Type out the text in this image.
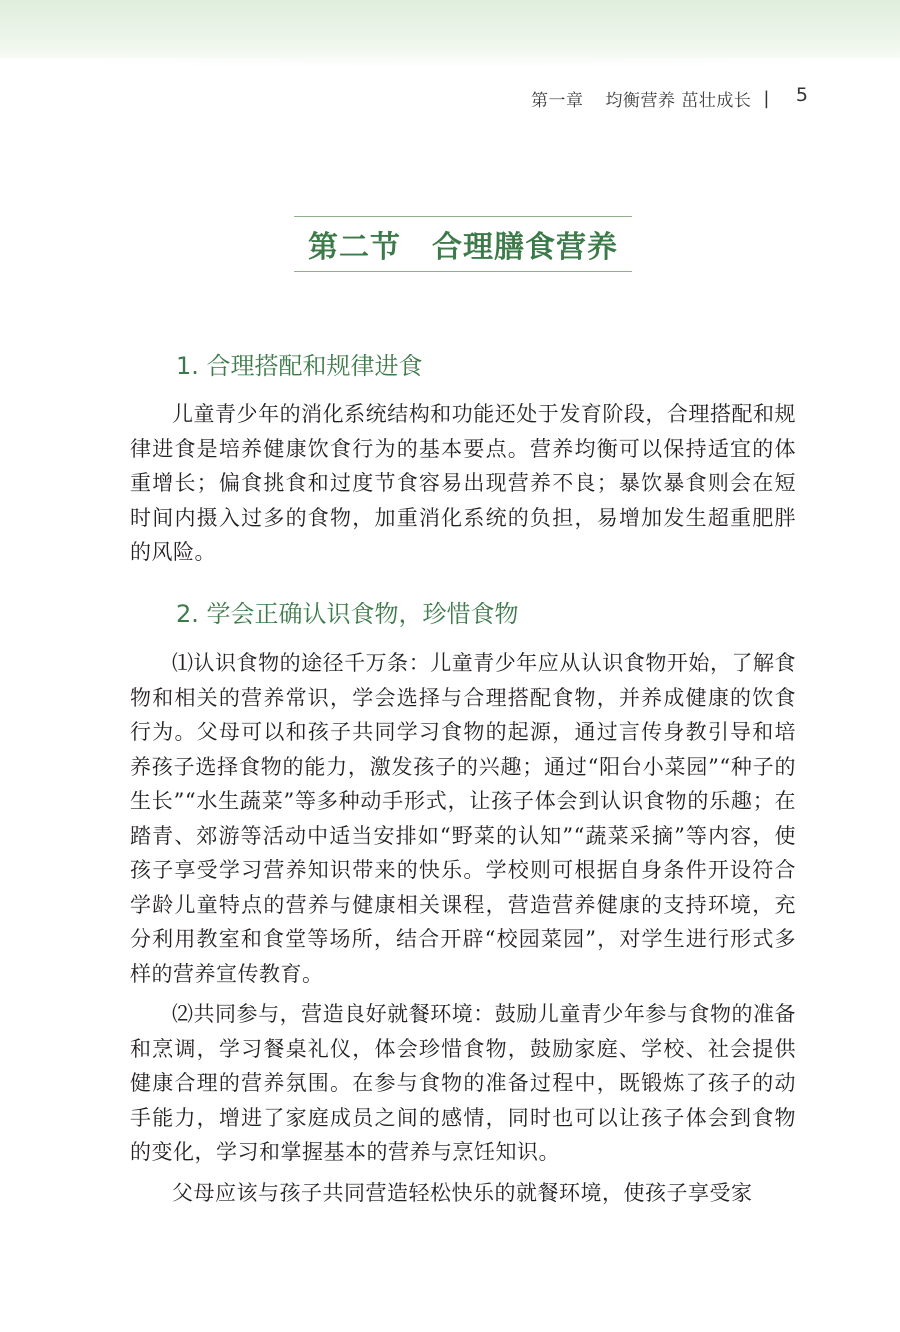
第一章 均衡营养 茁壮成长 | 5
第二节　合理膳食营养
1. 合理搭配和规律进食
儿童青少年的消化系统结构和功能还处于发育阶段，合理搭配和规律进食是培养健康饮食行为的基本要点。营养均衡可以保持适宜的体重增长；偏食挑食和过度节食容易出现营养不良；暴饮暴食则会在短时间内摄入过多的食物，加重消化系统的负担，易增加发生超重肥胖的风险。
2. 学会正确认识食物，珍惜食物
⑴认识食物的途径千万条：儿童青少年应从认识食物开始，了解食物和相关的营养常识，学会选择与合理搭配食物，并养成健康的饮食行为。父母可以和孩子共同学习食物的起源，通过言传身教引导和培养孩子选择食物的能力，激发孩子的兴趣；通过“阳台小菜园”“种子的生长”“水生蔬菜”等多种动手形式，让孩子体会到认识食物的乐趣；在踏青、郊游等活动中适当安排如“野菜的认知”“蔬菜采摘”等内容，使孩子享受学习营养知识带来的快乐。学校则可根据自身条件开设符合学龄儿童特点的营养与健康相关课程，营造营养健康的支持环境，充分利用教室和食堂等场所，结合开辟“校园菜园”，对学生进行形式多样的营养宣传教育。
⑵共同参与，营造良好就餐环境：鼓励儿童青少年参与食物的准备和烹调，学习餐桌礼仪，体会珍惜食物，鼓励家庭、学校、社会提供健康合理的营养氛围。在参与食物的准备过程中，既锻炼了孩子的动手能力，增进了家庭成员之间的感情，同时也可以让孩子体会到食物的变化，学习和掌握基本的营养与烹饪知识。
父母应该与孩子共同营造轻松快乐的就餐环境，使孩子享受家
